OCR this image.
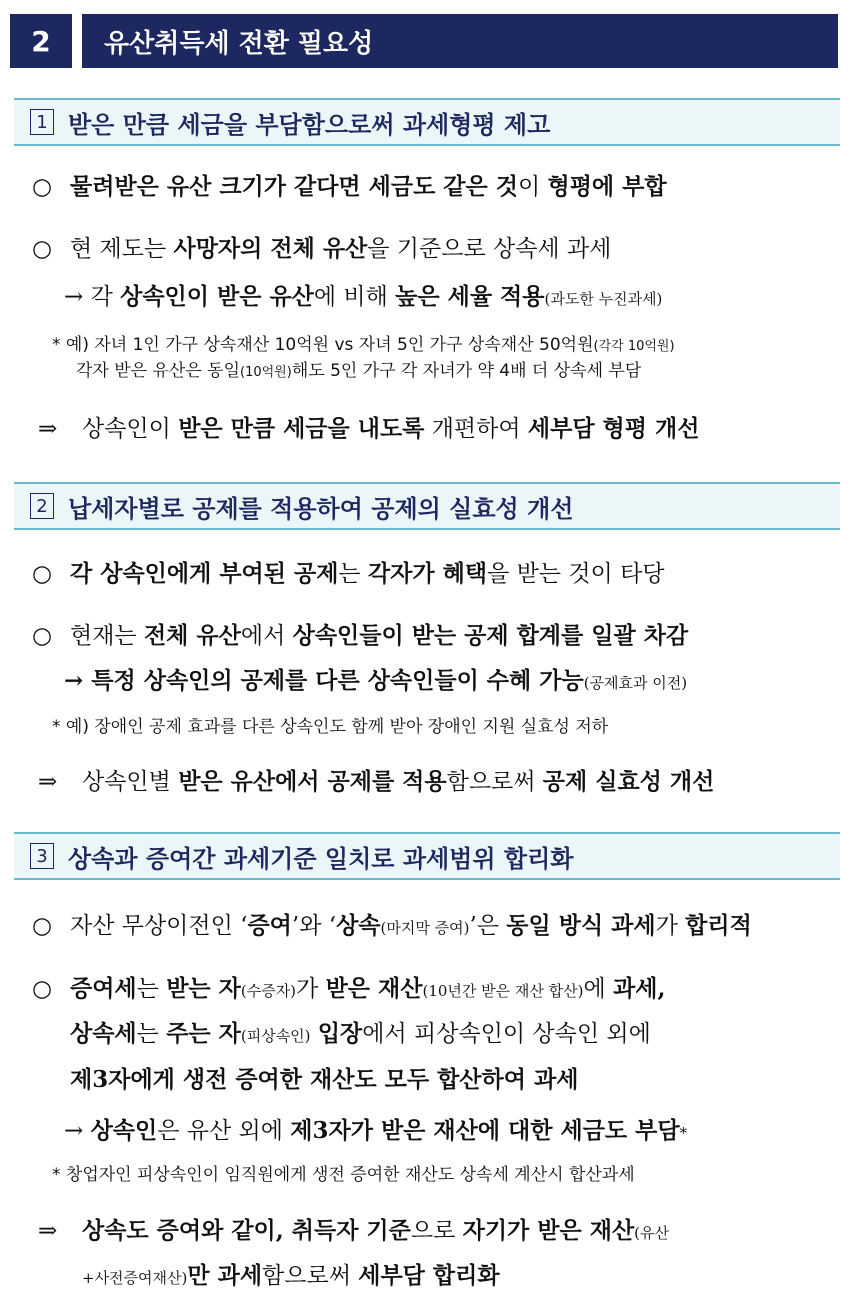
2	유산취득세 전환 필요성
1 받은 만큼 세금을 부담함으로써 과세형평 제고
○ 물려받은 유산 크기가 같다면 세금도 같은 것이 형평에 부합
○ 현 제도는 사망자의 전체 유산을 기준으로 상속세 과세
→ 각 상속인이 받은 유산에 비해 높은 세율 적용(과도한 누진과세)
* 예) 자녀 1인 가구 상속재산 10억원 vs 자녀 5인 가구 상속재산 50억원(각각 10억원)
각자 받은 유산은 동일(10억원)해도 5인 가구 각 자녀가 약 4배 더 상속세 부담
⇒ 상속인이 받은 만큼 세금을 내도록 개편하여 세부담 형평 개선
2 납세자별로 공제를 적용하여 공제의 실효성 개선
○ 각 상속인에게 부여된 공제는 각자가 혜택을 받는 것이 타당
○ 현재는 전체 유산에서 상속인들이 받는 공제 합계를 일괄 차감
→ 특정 상속인의 공제를 다른 상속인들이 수혜 가능(공제효과 이전)
* 예) 장애인 공제 효과를 다른 상속인도 함께 받아 장애인 지원 실효성 저하
⇒ 상속인별 받은 유산에서 공제를 적용함으로써 공제 실효성 개선
3 상속과 증여간 과세기준 일치로 과세범위 합리화
○ 자산 무상이전인 ‘증여’와 ‘상속(마지막 증여)’은 동일 방식 과세가 합리적
○ 증여세는 받는 자(수증자)가 받은 재산(10년간 받은 재산 합산)에 과세,
상속세는 주는 자(피상속인) 입장에서 피상속인이 상속인 외에
제3자에게 생전 증여한 재산도 모두 합산하여 과세
→ 상속인은 유산 외에 제3자가 받은 재산에 대한 세금도 부담*
* 창업자인 피상속인이 임직원에게 생전 증여한 재산도 상속세 계산시 합산과세
⇒ 상속도 증여와 같이, 취득자 기준으로 자기가 받은 재산(유산
+사전증여재산)만 과세함으로써 세부담 합리화
